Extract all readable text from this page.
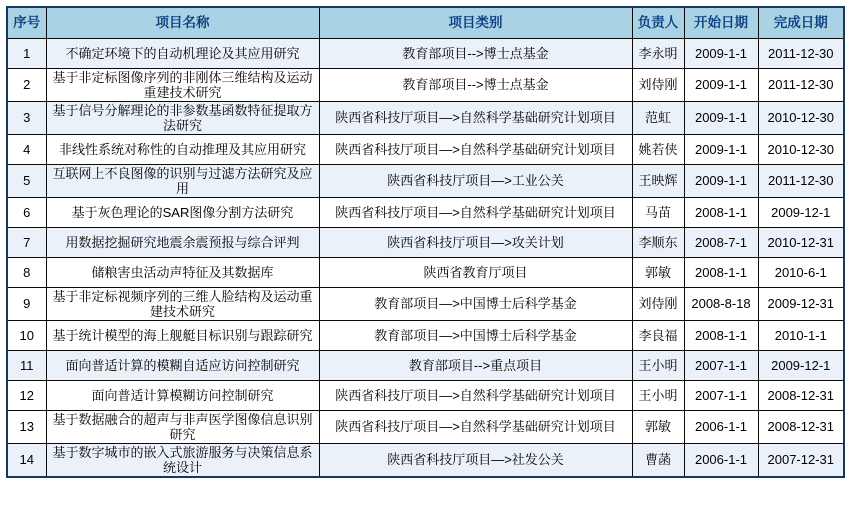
序号	项目名称	项目类别	负责人	开始日期	完成日期
1	不确定环境下的自动机理论及其应用研究	教育部项目-->博士点基金	李永明	2009-1-1	2011-12-30
2	基于非定标图像序列的非刚体三维结构及运动重建技术研究	教育部项目-->博士点基金	刘侍刚	2009-1-1	2011-12-30
3	基于信号分解理论的非参数基函数特征提取方法研究	陕西省科技厅项目—>自然科学基础研究计划项目	范虹	2009-1-1	2010-12-30
4	非线性系统对称性的自动推理及其应用研究	陕西省科技厅项目—>自然科学基础研究计划项目	姚若侠	2009-1-1	2010-12-30
5	互联网上不良图像的识别与过滤方法研究及应用	陕西省科技厅项目—>工业公关	王映辉	2009-1-1	2011-12-30
6	基于灰色理论的SAR图像分割方法研究	陕西省科技厅项目—>自然科学基础研究计划项目	马苗	2008-1-1	2009-12-1
7	用数据挖掘研究地震余震预报与综合评判	陕西省科技厅项目—>攻关计划	李顺东	2008-7-1	2010-12-31
8	储粮害虫活动声特征及其数据库	陕西省教育厅项目	郭敏	2008-1-1	2010-6-1
9	基于非定标视频序列的三维人脸结构及运动重建技术研究	教育部项目—>中国博士后科学基金	刘侍刚	2008-8-18	2009-12-31
10	基于统计模型的海上舰艇目标识别与跟踪研究	教育部项目—>中国博士后科学基金	李良福	2008-1-1	2010-1-1
11	面向普适计算的模糊自适应访问控制研究	教育部项目-->重点项目	王小明	2007-1-1	2009-12-1
12	面向普适计算模糊访问控制研究	陕西省科技厅项目—>自然科学基础研究计划项目	王小明	2007-1-1	2008-12-31
13	基于数据融合的超声与非声医学图像信息识别研究	陕西省科技厅项目—>自然科学基础研究计划项目	郭敏	2006-1-1	2008-12-31
14	基于数字城市的嵌入式旅游服务与决策信息系统设计	陕西省科技厅项目—>社发公关	曹菡	2006-1-1	2007-12-31
